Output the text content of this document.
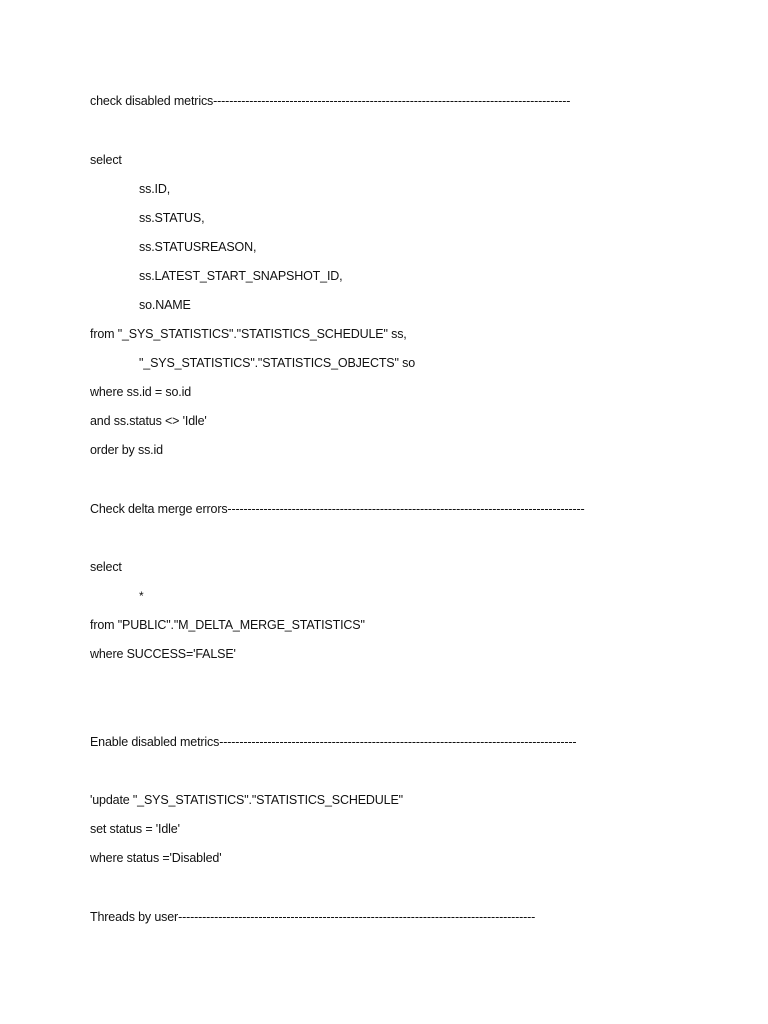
check disabled metrics-----------------------------------------------------------------------------------------
select
ss.ID,
ss.STATUS,
ss.STATUSREASON,
ss.LATEST_START_SNAPSHOT_ID,
so.NAME
from "_SYS_STATISTICS"."STATISTICS_SCHEDULE" ss,
"_SYS_STATISTICS"."STATISTICS_OBJECTS" so
where ss.id = so.id
and ss.status <> 'Idle'
order by ss.id
Check delta merge errors-----------------------------------------------------------------------------------------
select
*
from "PUBLIC"."M_DELTA_MERGE_STATISTICS"
where SUCCESS='FALSE'
Enable disabled metrics-----------------------------------------------------------------------------------------
'update "_SYS_STATISTICS"."STATISTICS_SCHEDULE"
set status = 'Idle'
where status ='Disabled'
Threads by user-----------------------------------------------------------------------------------------
